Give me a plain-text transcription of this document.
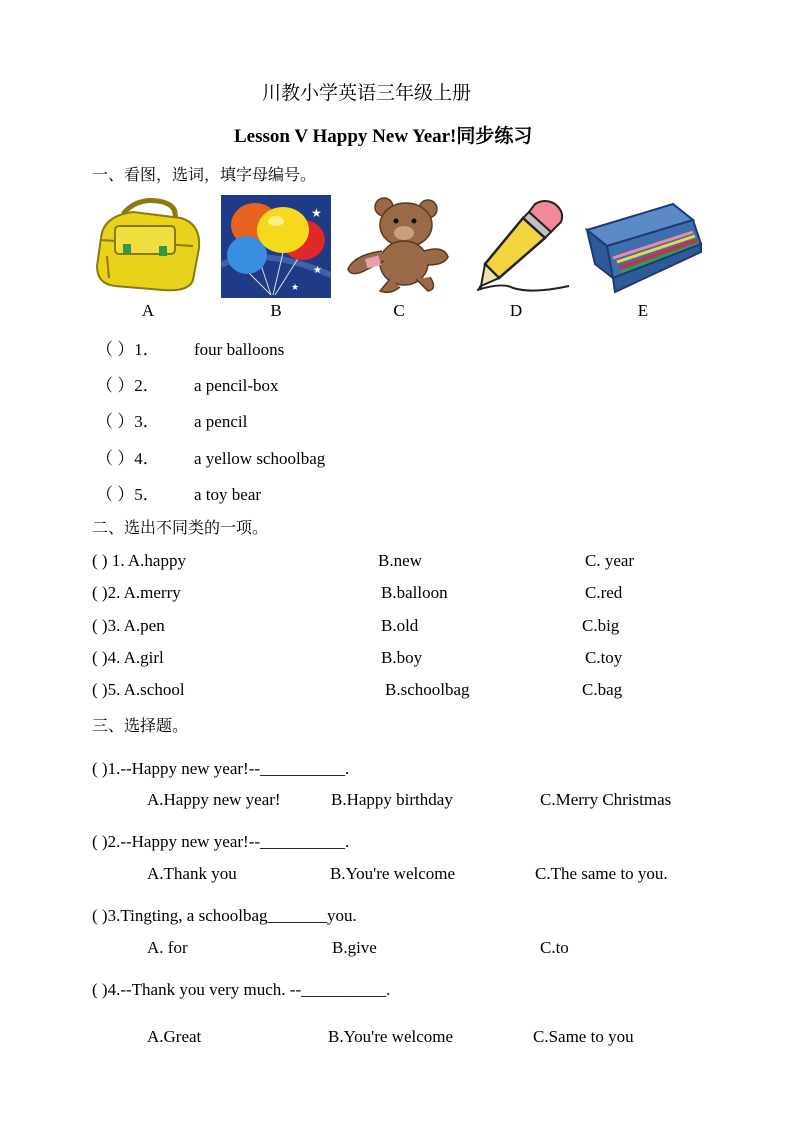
川教小学英语三年级上册
Lesson V Happy New Year!同步练习
一、看图，选词，填字母编号。
★
★
★
A	B	C	D	E
（ ）1． four balloons
（ ）2． a pencil-box
（ ）3． a pencil
（ ）4． a yellow schoolbag
（ ）5． a toy bear
二、选出不同类的一项。
( ) 1. A.happy	B.new	C. year
( )2. A.merry	B.balloon	C.red
( )3. A.pen	B.old	C.big
( )4. A.girl	B.boy	C.toy
( )5. A.school	B.schoolbag	C.bag
三、选择题。
( )1.--Happy new year!--__________.
A.Happy new year!	B.Happy birthday	C.Merry Christmas
( )2.--Happy new year!--__________.
A.Thank you	B.You're welcome	C.The same to you.
( )3.Tingting, a schoolbag_______you.
A. for	B.give	C.to
( )4.--Thank you very much. --__________.
A.Great	B.You're welcome	C.Same to you
